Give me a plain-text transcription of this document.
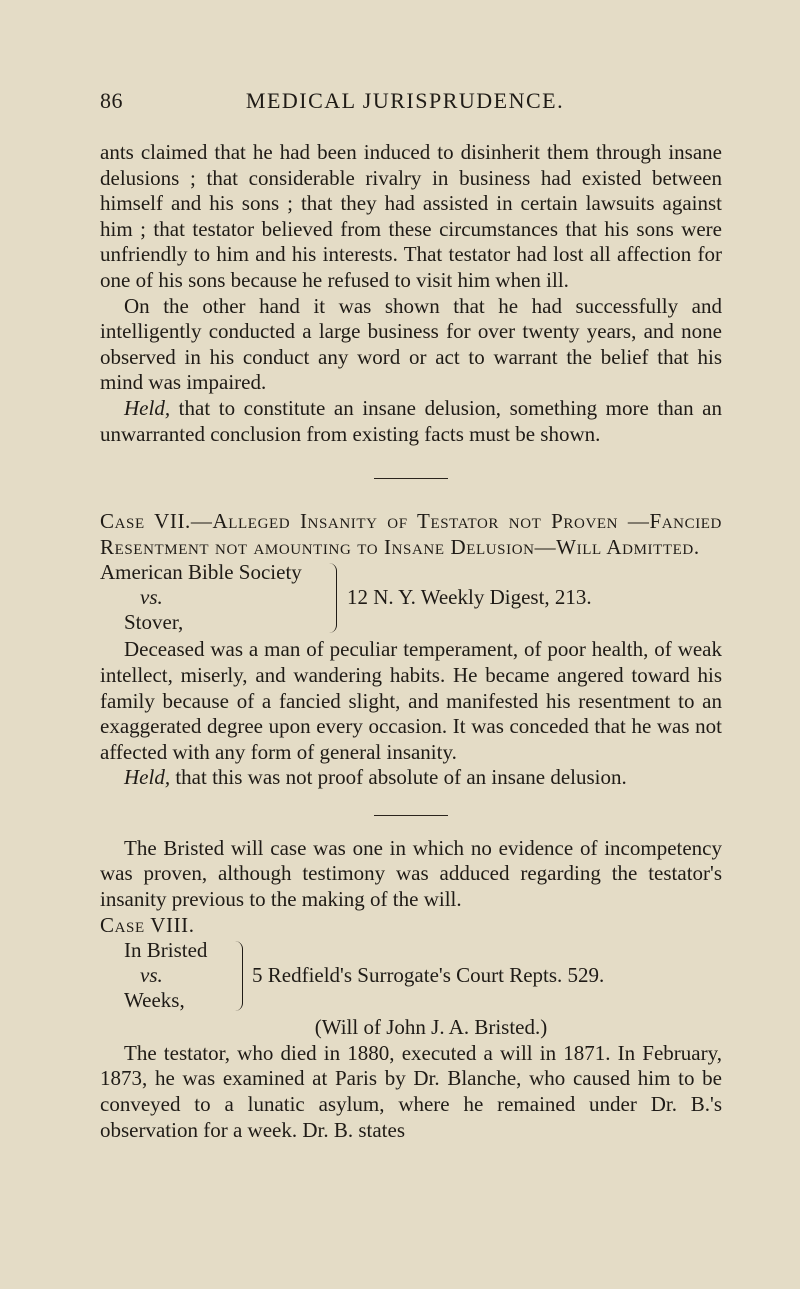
86	MEDICAL JURISPRUDENCE.

ants claimed that he had been induced to disinherit them through insane delusions ; that considerable rivalry in business had existed between himself and his sons ; that they had assisted in certain lawsuits against him ; that testator believed from these circumstances that his sons were unfriendly to him and his interests. That testator had lost all affection for one of his sons because he refused to visit him when ill.

On the other hand it was shown that he had successfully and intelligently conducted a large business for over twenty years, and none observed in his conduct any word or act to warrant the belief that his mind was impaired.

Held, that to constitute an insane delusion, something more than an unwarranted conclusion from existing facts must be shown.

Case VII.—Alleged Insanity of Testator not Proven —Fancied Resentment not amounting to Insane Delusion—Will Admitted.

American Bible Society
vs.
Stover,
12 N. Y. Weekly Digest, 213.

Deceased was a man of peculiar temperament, of poor health, of weak intellect, miserly, and wandering habits. He became angered toward his family because of a fancied slight, and manifested his resentment to an exaggerated degree upon every occasion. It was conceded that he was not affected with any form of general insanity.

Held, that this was not proof absolute of an insane delusion.

The Bristed will case was one in which no evidence of incompetency was proven, although testimony was adduced regarding the testator's insanity previous to the making of the will.

Case VIII.

In Bristed
vs.
Weeks,
5 Redfield's Surrogate's Court Repts. 529.

(Will of John J. A. Bristed.)

The testator, who died in 1880, executed a will in 1871. In February, 1873, he was examined at Paris by Dr. Blanche, who caused him to be conveyed to a lunatic asylum, where he remained under Dr. B.'s observation for a week. Dr. B. states
